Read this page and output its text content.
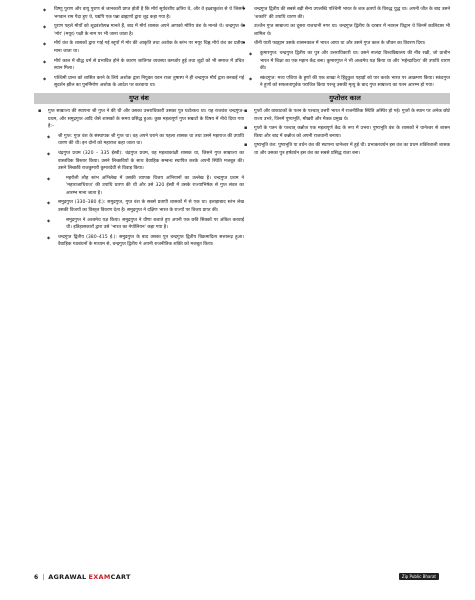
◆ विष्णु पुराण और वायु पुराण से जानकारी प्राप्त होती है कि मौर्य सूर्यवंशीय क्षत्रिय थे, और वे इक्ष्वाकुवंश से थे जिसमें भगवान राम पैदा हुए थे, यद्यपि एक पन्ना ब्राह्मणों द्वारा शूद्र कहा गया है।
◆ पुराण पहले मौर्यों को शूद्रवंशोत्पन्न मानते हैं, बाद में मौर्य शासक अपने आपको मोरिय वंश के मानते थे। चन्द्रगुप्त के 'मोर' (मयूर) पक्षी के नाम पर भी जाना जाता है।
◆ मौर्य वंश के शासकों द्वारा गाई गई स्तूपों में मोर की आकृति तथा अशोक के स्तंभ पर मयूर चिह्न मौर्य वंश का प्रतीक माना जाता था।
◆ मौर्य काल में बौद्ध धर्म से प्रभावित होने के कारण जातिगत व्यवस्था कमजोर हुई तथा शूद्रों को भी समाज में उचित स्थान मिला।
◆ पश्चिमी प्रान्त को शासित करने के लिये अशोक द्वारा नियुक्त यवन राजा तुषास्प ने ही चन्द्रगुप्त मौर्य द्वारा बनवाई गई सुदर्शन झील का पुनर्निर्माण अशोक के आदेश पर करवाया था।
गुप्त वंश
▪ गुप्त साम्राज्य की स्थापना श्री गुप्त ने की थी और उसका उत्तराधिकारी उसका पुत्र घटोत्कच था। यह राजवंश चन्द्रगुप्त-प्रथम, और समुद्रगुप्त आदि जैसे शासकों के समय प्रसिद्ध हुआ। कुछ महत्वपूर्ण गुप्त सम्राटों के विषय में नीचे दिया गया है:–
◆ श्री गुप्त: गुप्त वंश के संस्थापक श्री गुप्त था। वह अपने घराने का पहला शासक था तथा उसने महाराज की उपाधि धारण की थी। इन दोनों को महाराज कहा जाता था।
◆ चंद्रगुप्त प्रथम (320 – 335 ईस्वी): चंद्रगुप्त प्रथम, वह महत्वाकांक्षी शासक था, जिसने गुप्त साम्राज्य का वास्तविक विस्तार किया। उसने लिच्छवियों के साथ वैवाहिक सम्बन्ध स्थापित करके अपनी स्थिति मजबूत की। उसने लिच्छवि राजकुमारी कुमारदेवी से विवाह किया।
◆ महरौली लौह स्तंभ अभिलेख में उसकी व्यापक विजय अभियानों का उल्लेख है। चन्द्रगुप्त प्रथम ने 'महाराजाधिराज' की उपाधि धारण की थी और उसे 320 ईस्वी में उसके राज्याभिषेक से गुप्त संवत का आरम्भ माना जाता है।
◆ समुद्रगुप्त (330–380 ई.): समुद्रगुप्त, गुप्त वंश के सबसे प्रतापी शासकों में से एक था। इलाहाबाद स्तंभ लेख उसकी विजयों का विस्तृत विवरण देता है। समुद्रगुप्त ने दक्षिण भारत के राज्यों पर विजय प्राप्त की।
◆ समुद्रगुप्त ने अश्वमेध यज्ञ किया। समुद्रगुप्त ने वीणा बजाते हुए अपनी एक छवि सिक्कों पर अंकित करवाई थी। इतिहासकारों द्वारा उसे 'भारत का नेपोलियन' कहा गया है।
◆ चन्द्रगुप्त द्वितीय (380–415 ई.): समुद्रगुप्त के बाद उसका पुत्र चन्द्रगुप्त द्वितीय विक्रमादित्य सत्तारूढ़ हुआ। वैवाहिक गठबंधनों के माध्यम से, चन्द्रगुप्त द्वितीय ने अपनी राजनीतिक शक्ति को मजबूत किया।
• चन्द्रगुप्त द्वितीय की सबसे बड़ी सैन्य उपलब्धि पश्चिमी भारत के शक क्षत्रपों के विरुद्ध युद्ध था। अपनी जीत के बाद उसने 'शकारि' की उपाधि धारण की।
• उज्जैन गुप्त साम्राज्य का दूसरा राजधानी नगर था। चन्द्रगुप्त द्वितीय के दरबार में नवरत्न विद्वान थे जिनमें कालिदास भी शामिल थे।
• चीनी यात्री फाह्यान उसके शासनकाल में भारत आया था और उसने गुप्त काल के जीवन का विवरण दिया।
◆ कुमारगुप्त: चन्द्रगुप्त द्वितीय का पुत्र और उत्तराधिकारी था। उसने नालंदा विश्वविद्यालय की नींव रखी, जो प्राचीन भारत में शिक्षा का एक महान केंद्र बना। कुमारगुप्त ने भी अश्वमेध यज्ञ किया था और 'महेन्द्रादित्य' की उपाधि धारण की।
◆ स्कंदगुप्त: मध्य एशिया के हूणों की एक शाखा ने हिंदुकुश पहाड़ों को पार करके भारत पर आक्रमण किया। स्कंदगुप्त ने हूणों को सफलतापूर्वक पराजित किया परन्तु उसकी मृत्यु के बाद गुप्त साम्राज्य का पतन आरम्भ हो गया।
गुप्तोत्तर काल
▪ गुप्तों और वाकाटकों के पतन के पश्चात् उत्तरी भारत में राजनीतिक स्थिति अस्थिर हो गई। गुप्तों के स्थान पर अनेक छोटे राज्य उभरे, जिनमें पुष्यभूति, मौखरी और मैत्रक प्रमुख थे।
▪ गुप्तों के पतन के पश्चात् कन्नौज एक महत्वपूर्ण केंद्र के रूप में उभरा। पुष्यभूति वंश के शासकों ने थानेश्वर से शासन किया और बाद में कन्नौज को अपनी राजधानी बनाया।
▪ पुष्यभूति वंश: पुष्यभूति या वर्धन वंश की स्थापना थानेश्वर में हुई थी। प्रभाकरवर्धन इस वंश का प्रथम शक्तिशाली शासक था और उसका पुत्र हर्षवर्धन इस वंश का सबसे प्रसिद्ध राजा बना।
6 | AGRAWAL EXAM CART	Zip Public Bharat
